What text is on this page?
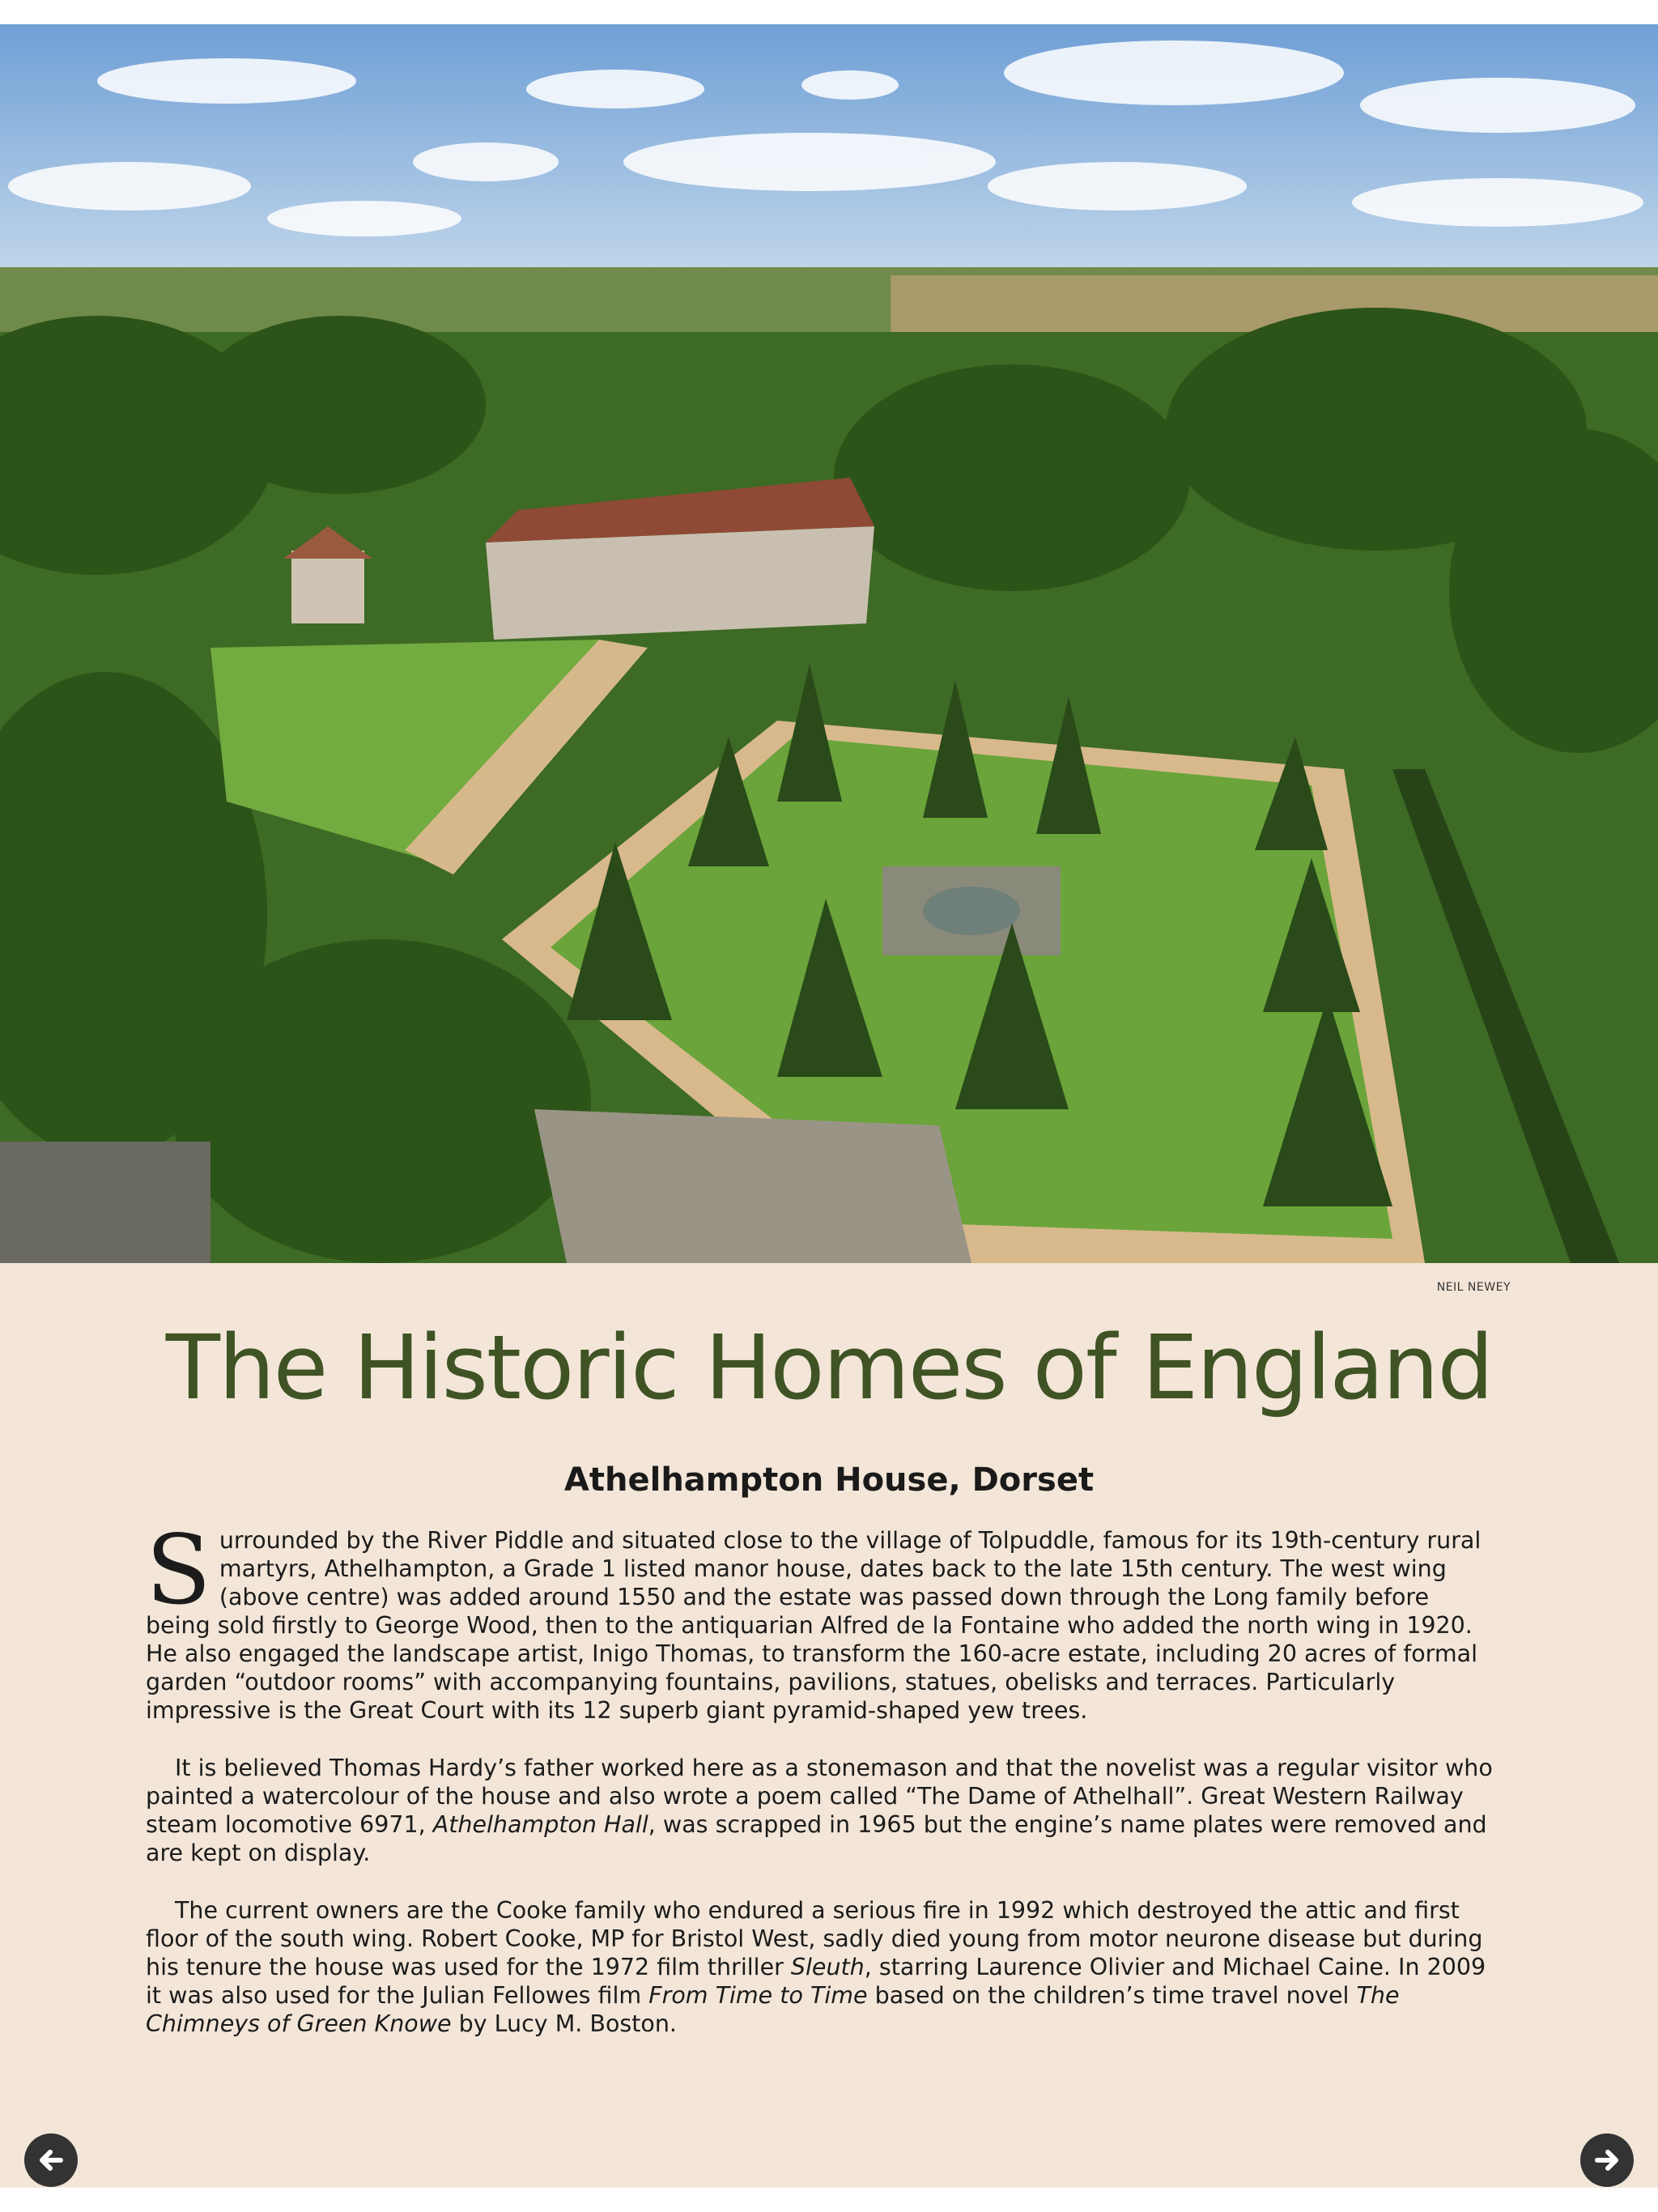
NEIL NEWEY
The Historic Homes of England
Athelhampton House, Dorset

Surrounded by the River Piddle and situated close to the village of Tolpuddle, famous for its 19th-century rural martyrs, Athelhampton, a Grade 1 listed manor house, dates back to the late 15th century. The west wing (above centre) was added around 1550 and the estate was passed down through the Long family before being sold firstly to George Wood, then to the antiquarian Alfred de la Fontaine who added the north wing in 1920. He also engaged the landscape artist, Inigo Thomas, to transform the 160-acre estate, including 20 acres of formal garden “outdoor rooms” with accompanying fountains, pavilions, statues, obelisks and terraces. Particularly impressive is the Great Court with its 12 superb giant pyramid-shaped yew trees.

It is believed Thomas Hardy’s father worked here as a stonemason and that the novelist was a regular visitor who painted a watercolour of the house and also wrote a poem called “The Dame of Athelhall”. Great Western Railway steam locomotive 6971, Athelhampton Hall, was scrapped in 1965 but the engine’s name plates were removed and are kept on display.

The current owners are the Cooke family who endured a serious fire in 1992 which destroyed the attic and first floor of the south wing. Robert Cooke, MP for Bristol West, sadly died young from motor neurone disease but during his tenure the house was used for the 1972 film thriller Sleuth, starring Laurence Olivier and Michael Caine. In 2009 it was also used for the Julian Fellowes film From Time to Time based on the children’s time travel novel The Chimneys of Green Knowe by Lucy M. Boston.
